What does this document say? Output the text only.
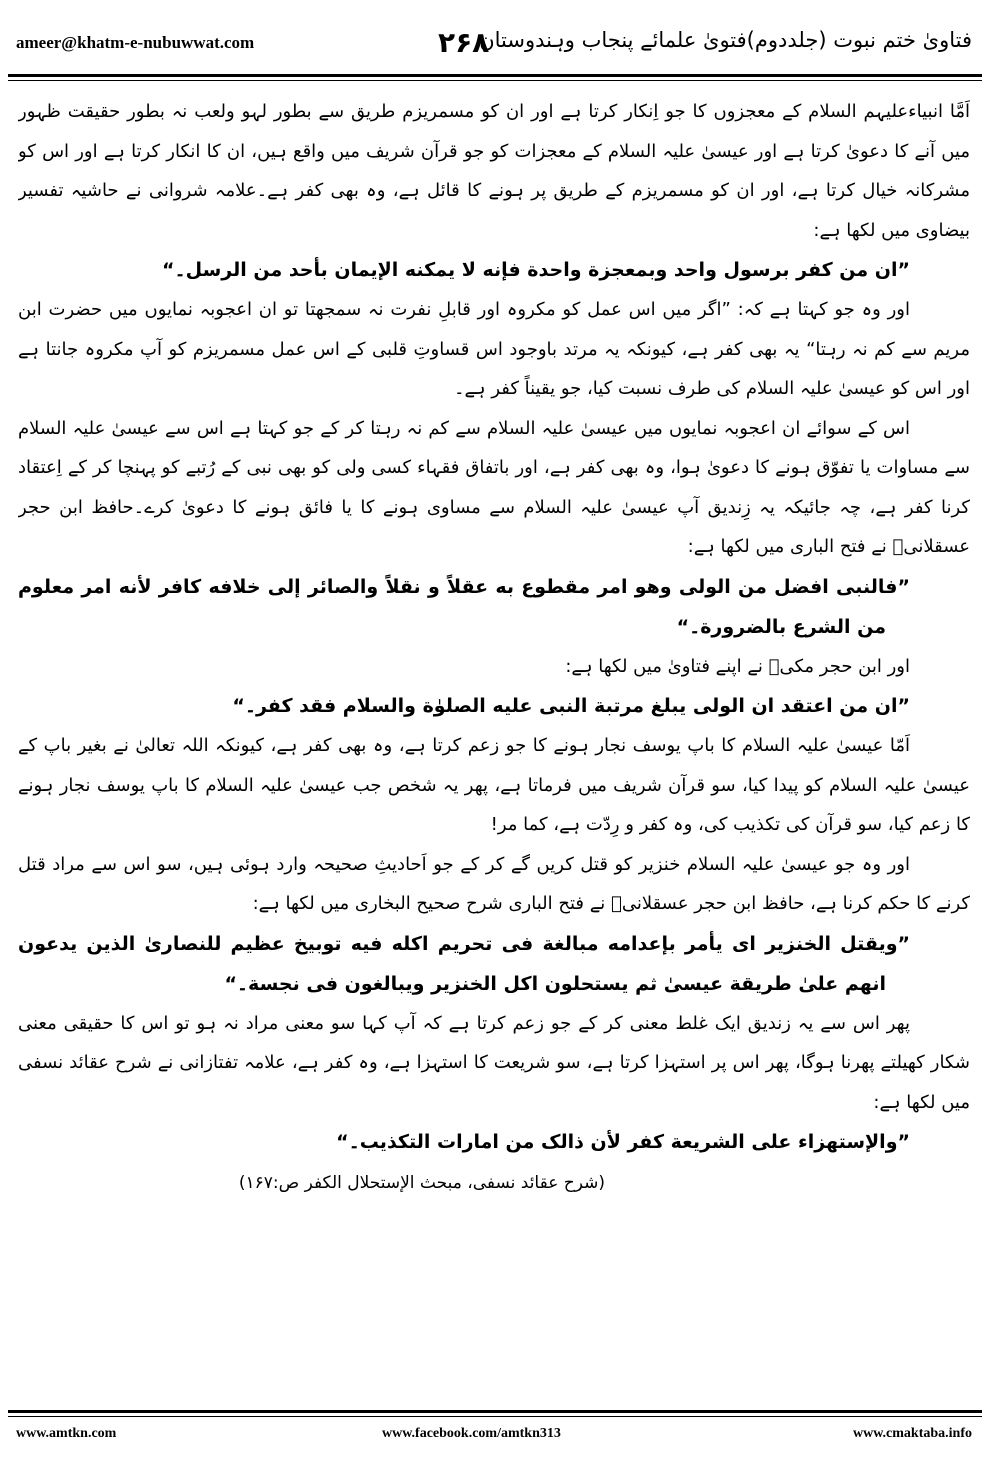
ameer@khatm-e-nubuwwat.com	۲۶۸
فتاویٰ ختم نبوت (جلددوم)فتویٰ علمائے پنجاب وہندوستان

اَمَّا انبیاءعلیہم السلام کے معجزوں کا جو اِنکار کرتا ہے اور ان کو مسمریزم طریق سے بطور لہو ولعب نہ بطور حقیقت ظہور میں آنے کا دعویٰ کرتا ہے اور عیسیٰ علیہ السلام کے معجزات کو جو قرآن شریف میں واقع ہیں، ان کا انکار کرتا ہے اور اس کو مشرکانہ خیال کرتا ہے، اور ان کو مسمریزم کے طریق پر ہونے کا قائل ہے، وہ بھی کفر ہے۔علامہ شروانی نے حاشیہ تفسیر بیضاوی میں لکھا ہے:

”ان من کفر برسول واحد وبمعجزة واحدة فإنه لا یمکنه الإیمان بأحد من الرسل۔“

اور وہ جو کہتا ہے کہ: ”اگر میں اس عمل کو مکروہ اور قابلِ نفرت نہ سمجھتا تو ان اعجوبہ نمایوں میں حضرت ابن مریم سے کم نہ رہتا“ یہ بھی کفر ہے، کیونکہ یہ مرتد باوجود اس قساوتِ قلبی کے اس عمل مسمریزم کو آپ مکروہ جانتا ہے اور اس کو عیسیٰ علیہ السلام کی طرف نسبت کیا، جو یقیناً کفر ہے۔

اس کے سوائے ان اعجوبہ نمایوں میں عیسیٰ علیہ السلام سے کم نہ رہتا کر کے جو کہتا ہے اس سے عیسیٰ علیہ السلام سے مساوات یا تفوّق ہونے کا دعویٰ ہوا، وہ بھی کفر ہے، اور باتفاق فقہاء کسی ولی کو بھی نبی کے رُتبے کو پہنچا کر کے اِعتقاد کرنا کفر ہے، چہ جائیکہ یہ زِندیق آپ عیسیٰ علیہ السلام سے مساوی ہونے کا یا فائق ہونے کا دعویٰ کرے۔حافظ ابن حجر عسقلانیؒ نے فتح الباری میں لکھا ہے:

”فالنبی افضل من الولی وهو امر مقطوع به عقلاً و نقلاً والصائر إلی خلافه کافر لأنه امر معلوم من الشرع بالضرورة۔“

اور ابن حجر مکیؒ نے اپنے فتاویٰ میں لکھا ہے:

”ان من اعتقد ان الولی یبلغ مرتبة النبی علیه الصلوٰة والسلام فقد کفر۔“

اَمّا عیسیٰ علیہ السلام کا باپ یوسف نجار ہونے کا جو زعم کرتا ہے، وہ بھی کفر ہے، کیونکہ اللہ تعالیٰ نے بغیر باپ کے عیسیٰ علیہ السلام کو پیدا کیا، سو قرآن شریف میں فرماتا ہے، پھر یہ شخص جب عیسیٰ علیہ السلام کا باپ یوسف نجار ہونے کا زعم کیا، سو قرآن کی تکذیب کی، وہ کفر و رِدّت ہے، کما مر!

اور وہ جو عیسیٰ علیہ السلام خنزیر کو قتل کریں گے کر کے جو اَحادیثِ صحیحہ وارد ہوئی ہیں، سو اس سے مراد قتل کرنے کا حکم کرنا ہے، حافظ ابن حجر عسقلانیؒ نے فتح الباری شرح صحیح البخاری میں لکھا ہے:

”ویقتل الخنزیر ای یأمر بإعدامه مبالغة فی تحریم اکله فیه توبیخ عظیم للنصاریٰ الذین یدعون انهم علیٰ طریقة عیسیٰ ثم یستحلون اکل الخنزیر ویبالغون فی نجسة۔“

پھر اس سے یہ زندیق ایک غلط معنی کر کے جو زعم کرتا ہے کہ آپ کہا سو معنی مراد نہ ہو تو اس کا حقیقی معنی شکار کھیلتے پھرنا ہوگا، پھر اس پر استہزا کرتا ہے، سو شریعت کا استہزا ہے، وہ کفر ہے، علامہ تفتازانی نے شرح عقائد نسفی میں لکھا ہے:

”والإستهزاء علی الشریعة کفر لأن ذالک من امارات التکذیب۔“

(شرح عقائد نسفی، مبحث الإستحلال الکفر ص:۱۶۷)

www.amtkn.com	www.facebook.com/amtkn313	www.cmaktaba.info
